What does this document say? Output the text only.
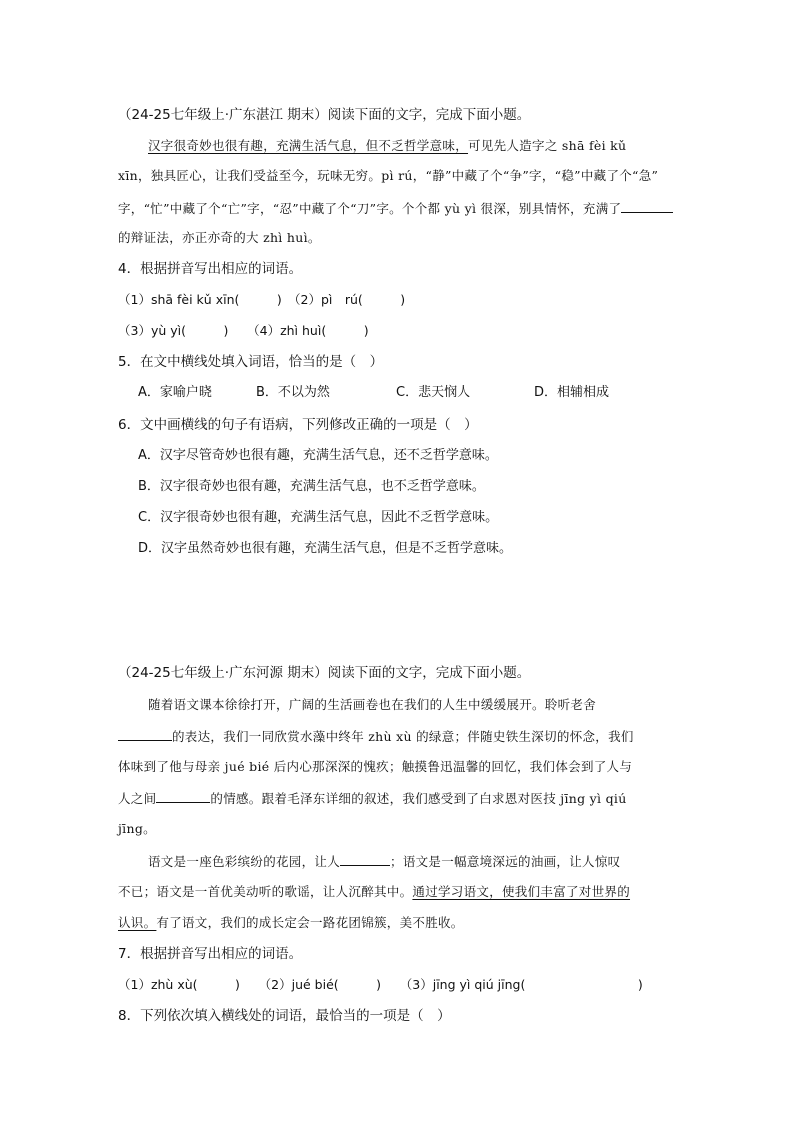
（24-25七年级上·广东湛江 期末）阅读下面的文字，完成下面小题。
汉字很奇妙也很有趣，充满生活气息，但不乏哲学意味，可见先人造字之 shā fèi kǔ
xīn，独具匠心，让我们受益至今，玩味无穷。pì rú，“静”中藏了个“争”字，“稳”中藏了个“急”
字，“忙”中藏了个“亡”字，“忍”中藏了个“刀”字。个个都 yù yì 很深，别具情怀，充满了
的辩证法，亦正亦奇的大 zhì huì。
4．根据拼音写出相应的词语。
（1）shā fèi kǔ xīn(　　　)　（2）pì　rú(　　　)
（3）yù yì(　　　)　　（4）zhì huì(　　　)
5．在文中横线处填入词语，恰当的是（　）
A．家喻户晓	B．不以为然	C．悲天悯人	D．相辅相成
6．文中画横线的句子有语病，下列修改正确的一项是（　）
A．汉字尽管奇妙也很有趣，充满生活气息，还不乏哲学意味。
B．汉字很奇妙也很有趣，充满生活气息，也不乏哲学意味。
C．汉字很奇妙也很有趣，充满生活气息，因此不乏哲学意味。
D．汉字虽然奇妙也很有趣，充满生活气息，但是不乏哲学意味。
（24-25七年级上·广东河源 期末）阅读下面的文字，完成下面小题。
随着语文课本徐徐打开，广阔的生活画卷也在我们的人生中缓缓展开。聆听老舍
的表达，我们一同欣赏水藻中终年 zhù xù 的绿意；伴随史铁生深切的怀念，我们
体味到了他与母亲 jué bié 后内心那深深的愧疚；触摸鲁迅温馨的回忆，我们体会到了人与
人之间	的情感。跟着毛泽东详细的叙述，我们感受到了白求恩对医技 jīng yì qiú
jīng。
语文是一座色彩缤纷的花园，让人	；语文是一幅意境深远的油画，让人惊叹
不已；语文是一首优美动听的歌谣，让人沉醉其中。通过学习语文，使我们丰富了对世界的
认识。有了语文，我们的成长定会一路花团锦簇，美不胜收。
7．根据拼音写出相应的词语。
（1）zhù xù(　　　)　　（2）jué bié(　　　)　　（3）jīng yì qiú jīng(　　　　　　　　　)
8．下列依次填入横线处的词语，最恰当的一项是（　）
